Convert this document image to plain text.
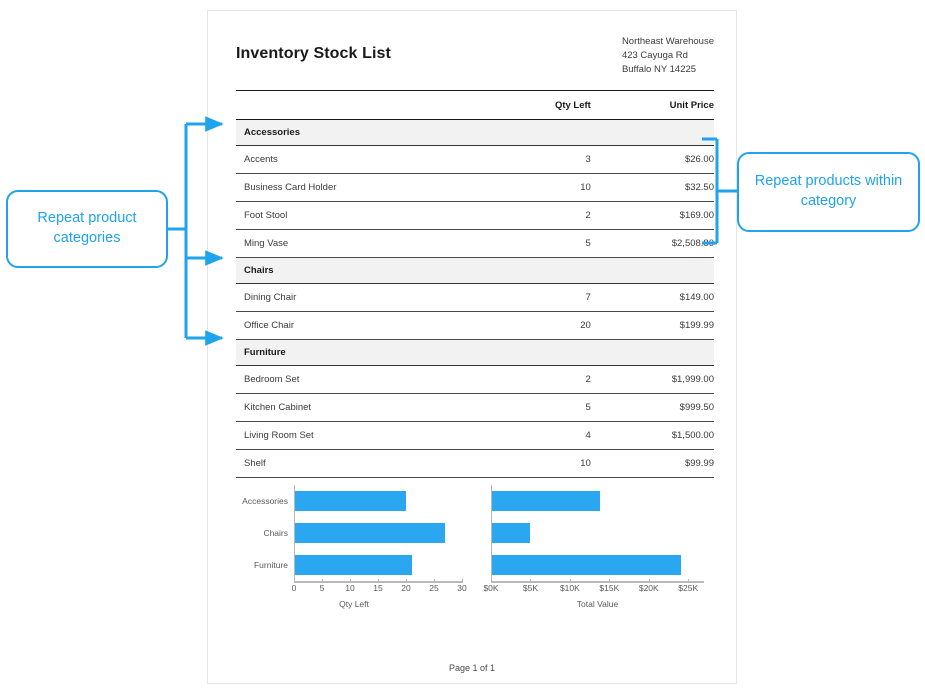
Inventory Stock List
Northeast Warehouse
423 Cayuga Rd
Buffalo NY 14225
	Qty Left	Unit Price
Accessories		
Accents	3	$26.00
Business Card Holder	10	$32.50
Foot Stool	2	$169.00
Ming Vase	5	$2,508.80
Chairs		
Dining Chair	7	$149.00
Office Chair	20	$199.99
Furniture		
Bedroom Set	2	$1,999.00
Kitchen Cabinet	5	$999.50
Living Room Set	4	$1,500.00
Shelf	10	$99.99
Accessories
Chairs
Furniture
0	5 10 15 20 25 30
Qty Left
$0K	$5K	$10K $15K $20K $25K
Total Value
Page 1 of 1
Repeat product categories
Repeat products within category
